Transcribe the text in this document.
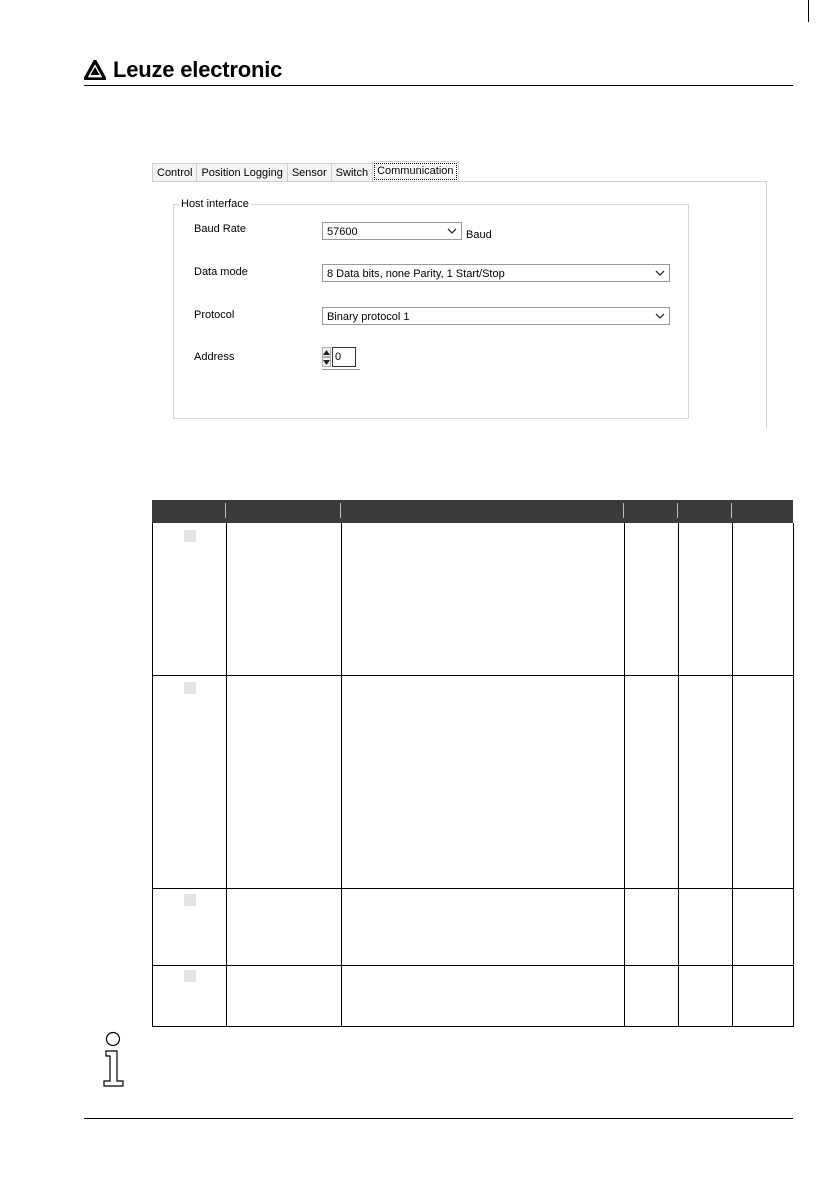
Leuze electronic
Control Position Logging Sensor Switch Communication
Host interface
Baud Rate	57600	Baud
Data mode	8 Data bits, none Parity, 1 Start/Stop
Protocol	Binary protocol 1
Address	0
